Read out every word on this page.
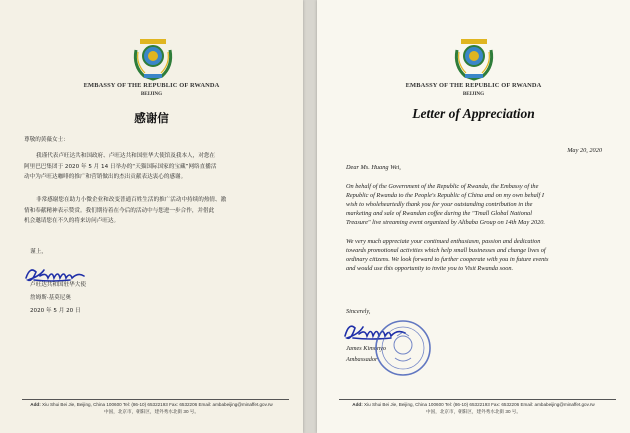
EMBASSY OF THE REPUBLIC OF RWANDA
BEIJING
感谢信
尊敬的黄薇女士：
我谨代表卢旺达共和国政府、卢旺达共和国驻华大使馆及我本人，对您在
阿里巴巴集团于 2020 年 5 月 14 日举办的“天猫国际国家的宝藏”网络直播活
动中为卢旺达咖啡的推广和营销做出的杰出贡献表达衷心的感谢。
非常感谢您在助力小微企业和改变普通百姓生活的推广活动中持续的热情、激
情和奉献精神表示赞赏。我们期待着在今后的活动中与您进一步合作，并借此
机会邀请您在不久的将来访问卢旺达。
谨上，
卢旺达共和国驻华大使
詹姆斯·基莫尼奥
2020 年 5 月 20 日
Add: Xiu Shui Bei Jie, Beijing, China 100600 Tel: (86-10) 65322193 Fax: 6532206 Email: ambabeijing@minaffet.gov.rw
中国，北京市，朝阳区，建外秀水北街 30 号。
EMBASSY OF THE REPUBLIC OF RWANDA
BEIJING
Letter of Appreciation
May 20, 2020
Dear Ms. Huang Wei,
On behalf of the Government of the Republic of Rwanda, the Embassy of the
Republic of Rwanda to the People's Republic of China and on my own behalf I
wish to wholeheartedly thank you for your outstanding contribution in the
marketing and sale of Rwandan coffee during the "Tmall Global National
Treasure" live streaming event organized by Alibaba Group on 14th May 2020.
We very much appreciate your continued enthusiasm, passion and dedication
towards promotional activities which help small businesses and change lives of
ordinary citizens. We look forward to further cooperate with you in future events
and would use this opportunity to invite you to Visit Rwanda soon.
Sincerely,
James Kimonyo
Ambassador
Add: Xiu Shui Bei Jie, Beijing, China 100600 Tel: (86-10) 65322193 Fax: 6532206 Email: ambabeijing@minaffet.gov.rw
中国，北京市，朝阳区，建外秀水北街 30 号。
